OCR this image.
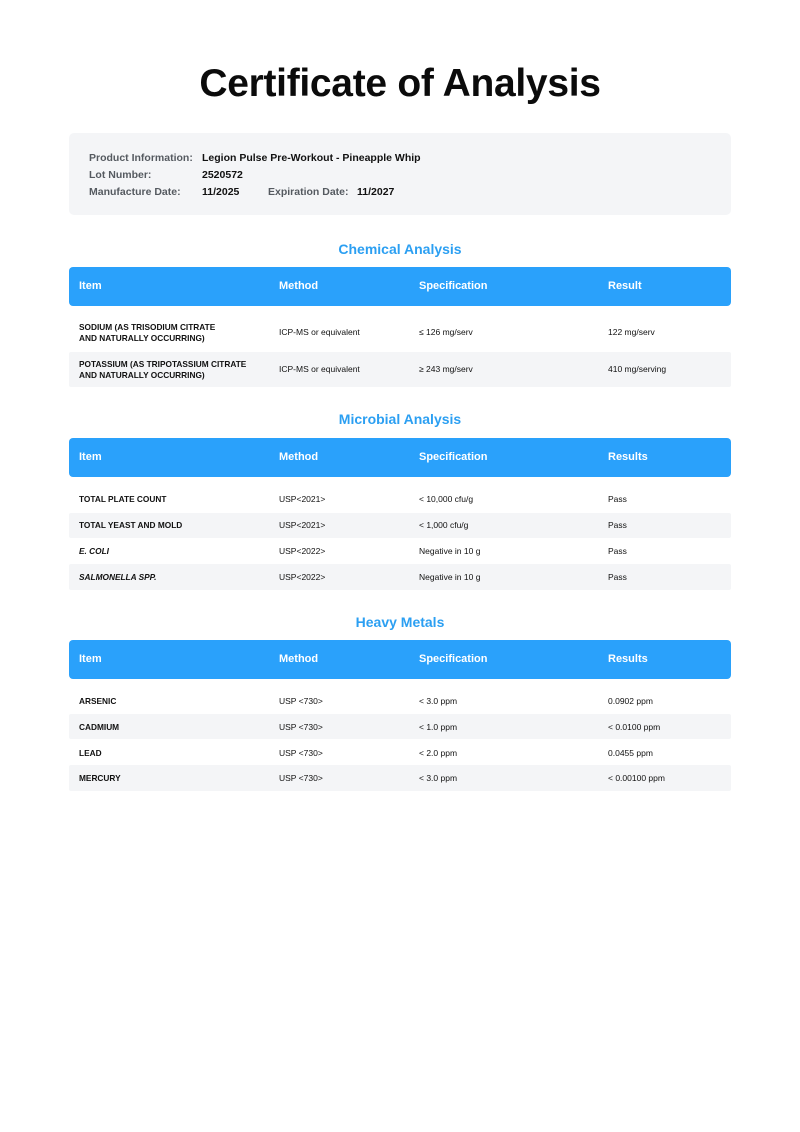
Certificate of Analysis
Product Information: Legion Pulse Pre-Workout - Pineapple Whip
Lot Number:	2520572
Manufacture Date: 11/2025	Expiration Date: 11/2027
Chemical Analysis
Item	Method	Specification	Result
SODIUM (AS TRISODIUM CITRATE
AND NATURALLY OCCURRING)
ICP-MS or equivalent	≤ 126 mg/serv	122 mg/serv
POTASSIUM (AS TRIPOTASSIUM CITRATE
AND NATURALLY OCCURRING)
ICP-MS or equivalent	≥ 243 mg/serv	410 mg/serving
Microbial Analysis
Item	Method	Specification	Results
TOTAL PLATE COUNT	USP<2021>	< 10,000 cfu/g	Pass
TOTAL YEAST AND MOLD	USP<2021>	< 1,000 cfu/g	Pass
E. COLI	USP<2022>	Negative in 10 g	Pass
SALMONELLA SPP.	USP<2022>	Negative in 10 g	Pass
Heavy Metals
Item	Method	Specification	Results
ARSENIC	USP <730>	< 3.0 ppm	0.0902 ppm
CADMIUM	USP <730>	< 1.0 ppm	< 0.0100 ppm
LEAD	USP <730>	< 2.0 ppm	0.0455 ppm
MERCURY	USP <730>	< 3.0 ppm	< 0.00100 ppm
